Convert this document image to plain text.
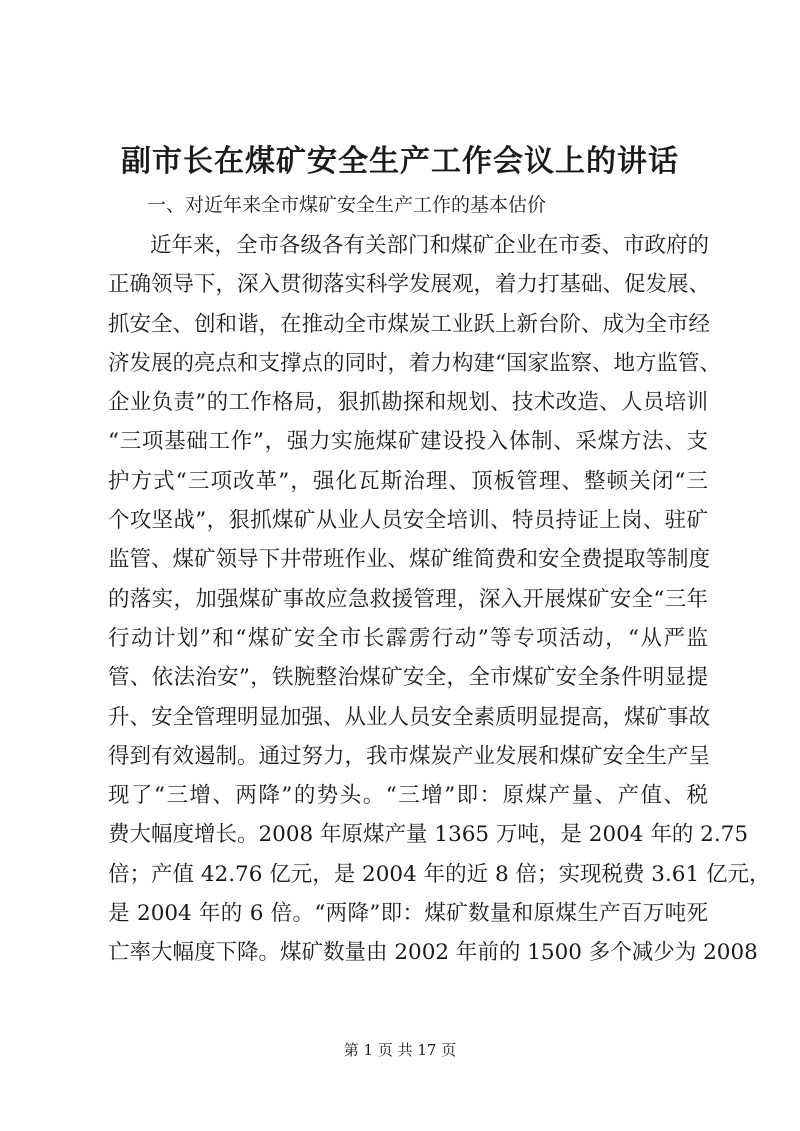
副市长在煤矿安全生产工作会议上的讲话
一、对近年来全市煤矿安全生产工作的基本估价
近年来，全市各级各有关部门和煤矿企业在市委、市政府的
正确领导下，深入贯彻落实科学发展观，着力打基础、促发展、
抓安全、创和谐，在推动全市煤炭工业跃上新台阶、成为全市经
济发展的亮点和支撑点的同时，着力构建“国家监察、地方监管、
企业负责”的工作格局，狠抓勘探和规划、技术改造、人员培训
“三项基础工作”，强力实施煤矿建设投入体制、采煤方法、支
护方式“三项改革”，强化瓦斯治理、顶板管理、整顿关闭“三
个攻坚战”，狠抓煤矿从业人员安全培训、特员持证上岗、驻矿
监管、煤矿领导下井带班作业、煤矿维简费和安全费提取等制度
的落实，加强煤矿事故应急救援管理，深入开展煤矿安全“三年
行动计划”和“煤矿安全市长霹雳行动”等专项活动，“从严监
管、依法治安”，铁腕整治煤矿安全，全市煤矿安全条件明显提
升、安全管理明显加强、从业人员安全素质明显提高，煤矿事故
得到有效遏制。通过努力，我市煤炭产业发展和煤矿安全生产呈
现了“三增、两降”的势头。“三增”即：原煤产量、产值、税
费大幅度增长。2008 年原煤产量 1365 万吨，是 2004 年的 2.75
倍；产值 42.76 亿元，是 2004 年的近 8 倍；实现税费 3.61 亿元，
是 2004 年的 6 倍。“两降”即：煤矿数量和原煤生产百万吨死
亡率大幅度下降。煤矿数量由 2002 年前的 1500 多个减少为 2008
第 1 页 共 17 页
